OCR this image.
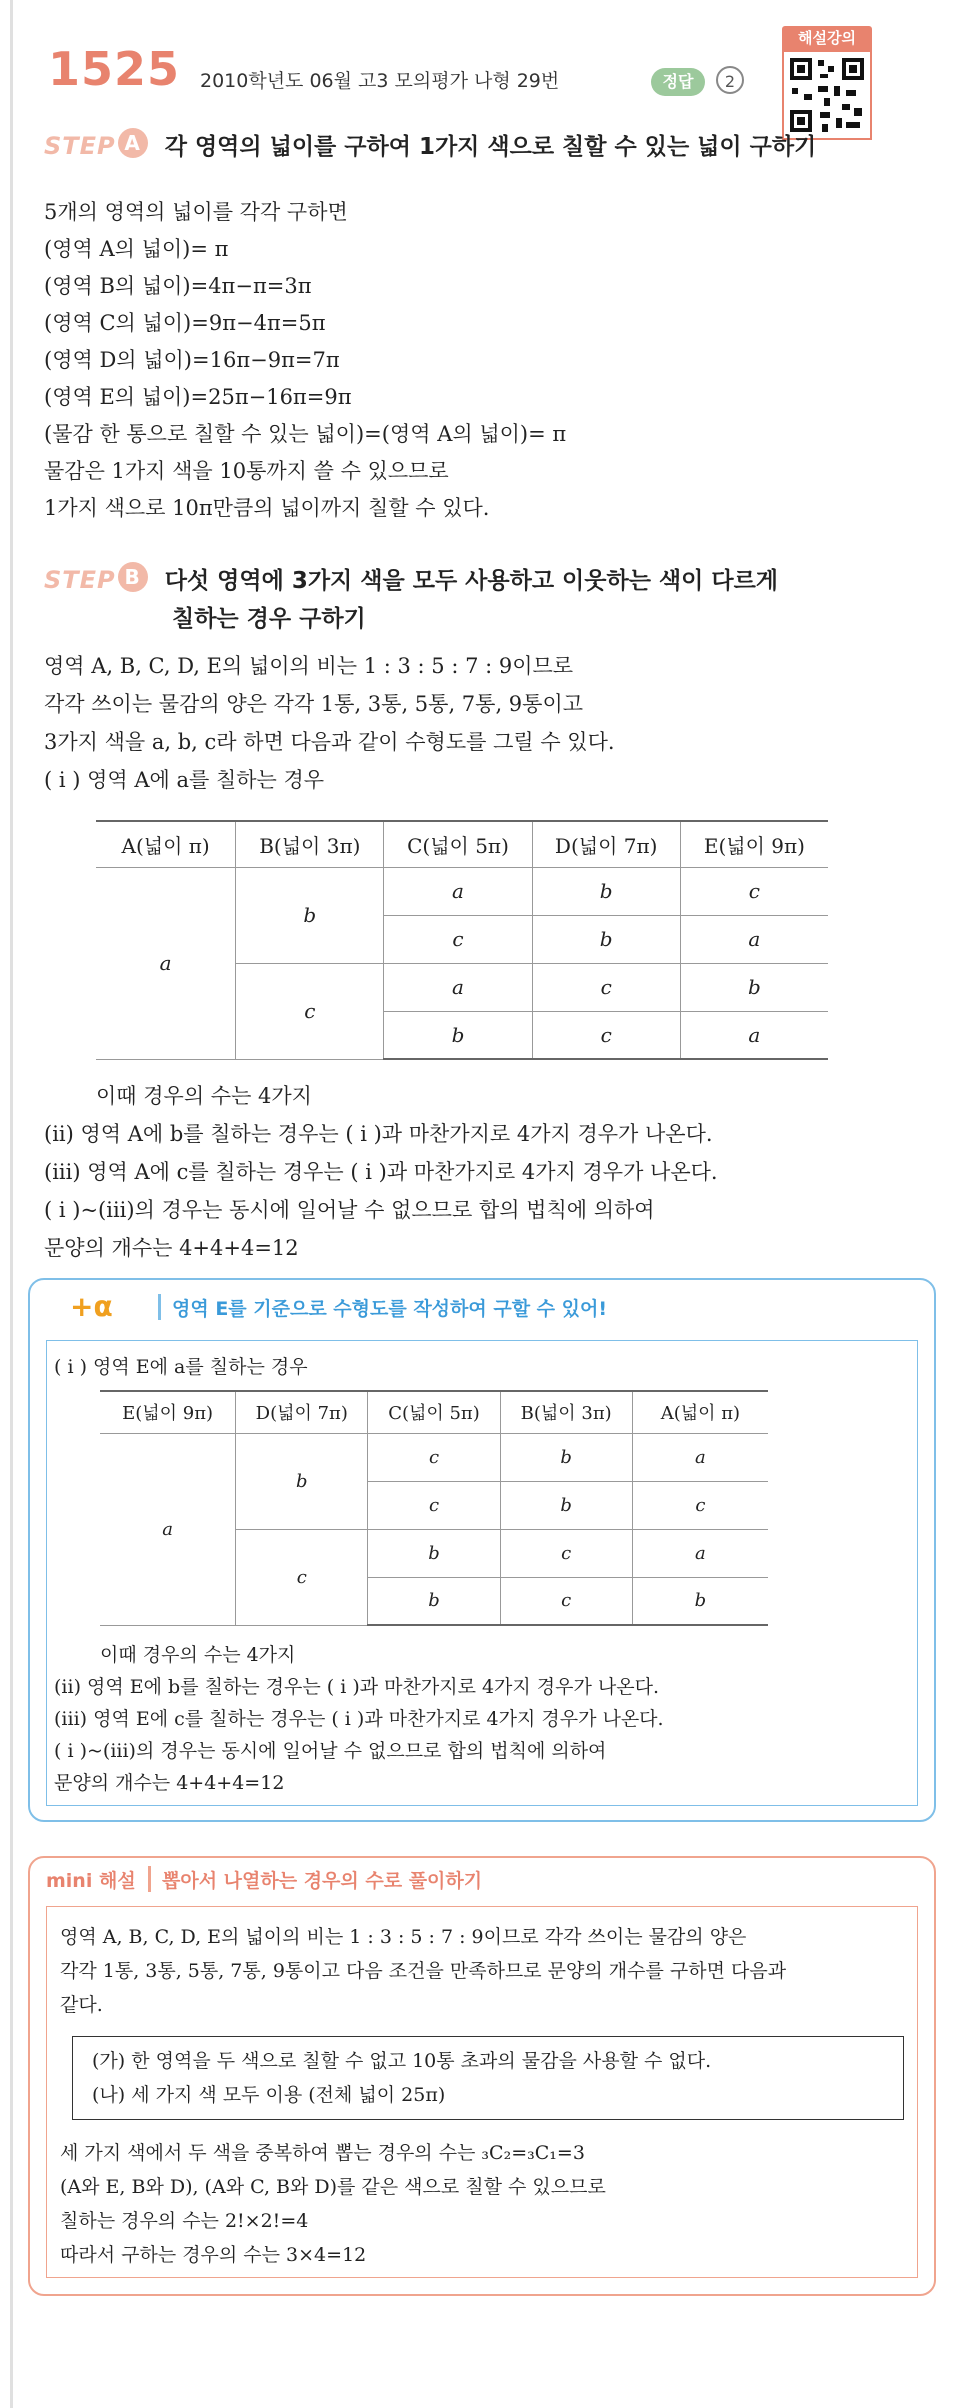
1525 2010학년도 06월 고3 모의평가 나형 29번	정답	2
해설강의
STEP A 각 영역의 넓이를 구하여 1가지 색으로 칠할 수 있는 넓이 구하기
5개의 영역의 넓이를 각각 구하면
(영역 A의 넓이)= π
(영역 B의 넓이)=4π−π=3π
(영역 C의 넓이)=9π−4π=5π
(영역 D의 넓이)=16π−9π=7π
(영역 E의 넓이)=25π−16π=9π
(물감 한 통으로 칠할 수 있는 넓이)=(영역 A의 넓이)= π
물감은 1가지 색을 10통까지 쓸 수 있으므로
1가지 색으로 10π만큼의 넓이까지 칠할 수 있다.
STEP B 다섯 영역에 3가지 색을 모두 사용하고 이웃하는 색이 다르게
칠하는 경우 구하기
영역 A, B, C, D, E의 넓이의 비는 1 : 3 : 5 : 7 : 9이므로
각각 쓰이는 물감의 양은 각각 1통, 3통, 5통, 7통, 9통이고
3가지 색을 a, b, c라 하면 다음과 같이 수형도를 그릴 수 있다.
( i ) 영역 A에 a를 칠하는 경우
A(넓이 π)	B(넓이 3π)	C(넓이 5π)	D(넓이 7π)	E(넓이 9π)
a	b	a	b	c
		c	b	a
	c	a	c	b
		b	c	a
이때 경우의 수는 4가지
(ii) 영역 A에 b를 칠하는 경우는 ( i )과 마찬가지로 4가지 경우가 나온다.
(iii) 영역 A에 c를 칠하는 경우는 ( i )과 마찬가지로 4가지 경우가 나온다.
( i )~(iii)의 경우는 동시에 일어날 수 없으므로 합의 법칙에 의하여
문양의 개수는 4+4+4=12
+α	영역 E를 기준으로 수형도를 작성하여 구할 수 있어!
( i ) 영역 E에 a를 칠하는 경우
E(넓이 9π)	D(넓이 7π)	C(넓이 5π)	B(넓이 3π)	A(넓이 π)
a	b	c	b	a
		c	b	c
	c	b	c	a
		b	c	b
이때 경우의 수는 4가지
(ii) 영역 E에 b를 칠하는 경우는 ( i )과 마찬가지로 4가지 경우가 나온다.
(iii) 영역 E에 c를 칠하는 경우는 ( i )과 마찬가지로 4가지 경우가 나온다.
( i )~(iii)의 경우는 동시에 일어날 수 없으므로 합의 법칙에 의하여
문양의 개수는 4+4+4=12
mini 해설 뽑아서 나열하는 경우의 수로 풀이하기
영역 A, B, C, D, E의 넓이의 비는 1 : 3 : 5 : 7 : 9이므로 각각 쓰이는 물감의 양은
각각 1통, 3통, 5통, 7통, 9통이고 다음 조건을 만족하므로 문양의 개수를 구하면 다음과
같다.
(가) 한 영역을 두 색으로 칠할 수 없고 10통 초과의 물감을 사용할 수 없다.
(나) 세 가지 색 모두 이용 (전체 넓이 25π)
세 가지 색에서 두 색을 중복하여 뽑는 경우의 수는 ₃C₂=₃C₁=3
(A와 E, B와 D), (A와 C, B와 D)를 같은 색으로 칠할 수 있으므로
칠하는 경우의 수는 2!×2!=4
따라서 구하는 경우의 수는 3×4=12
